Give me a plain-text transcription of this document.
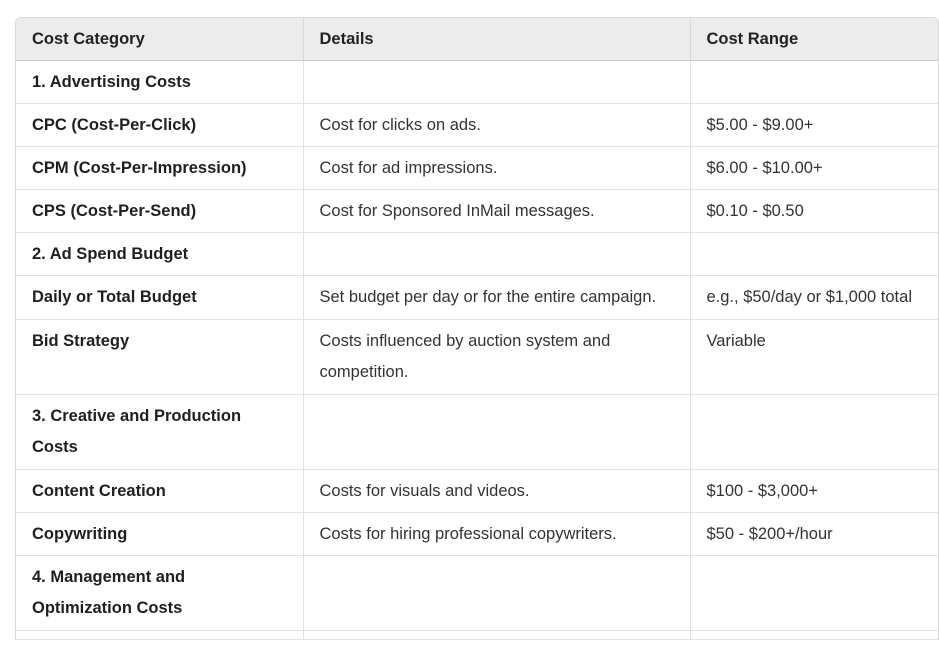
Cost Category	Details	Cost Range
1. Advertising Costs		
CPC (Cost-Per-Click)	Cost for clicks on ads.	$5.00 - $9.00+
CPM (Cost-Per-Impression)	Cost for ad impressions.	$6.00 - $10.00+
CPS (Cost-Per-Send)	Cost for Sponsored InMail messages.	$0.10 - $0.50
2. Ad Spend Budget		
Daily or Total Budget	Set budget per day or for the entire campaign.	e.g., $50/day or $1,000 total
Bid Strategy	Costs influenced by auction system and competition.	Variable
3. Creative and Production Costs		
Content Creation	Costs for visuals and videos.	$100 - $3,000+
Copywriting	Costs for hiring professional copywriters.	$50 - $200+/hour
4. Management and Optimization Costs		
